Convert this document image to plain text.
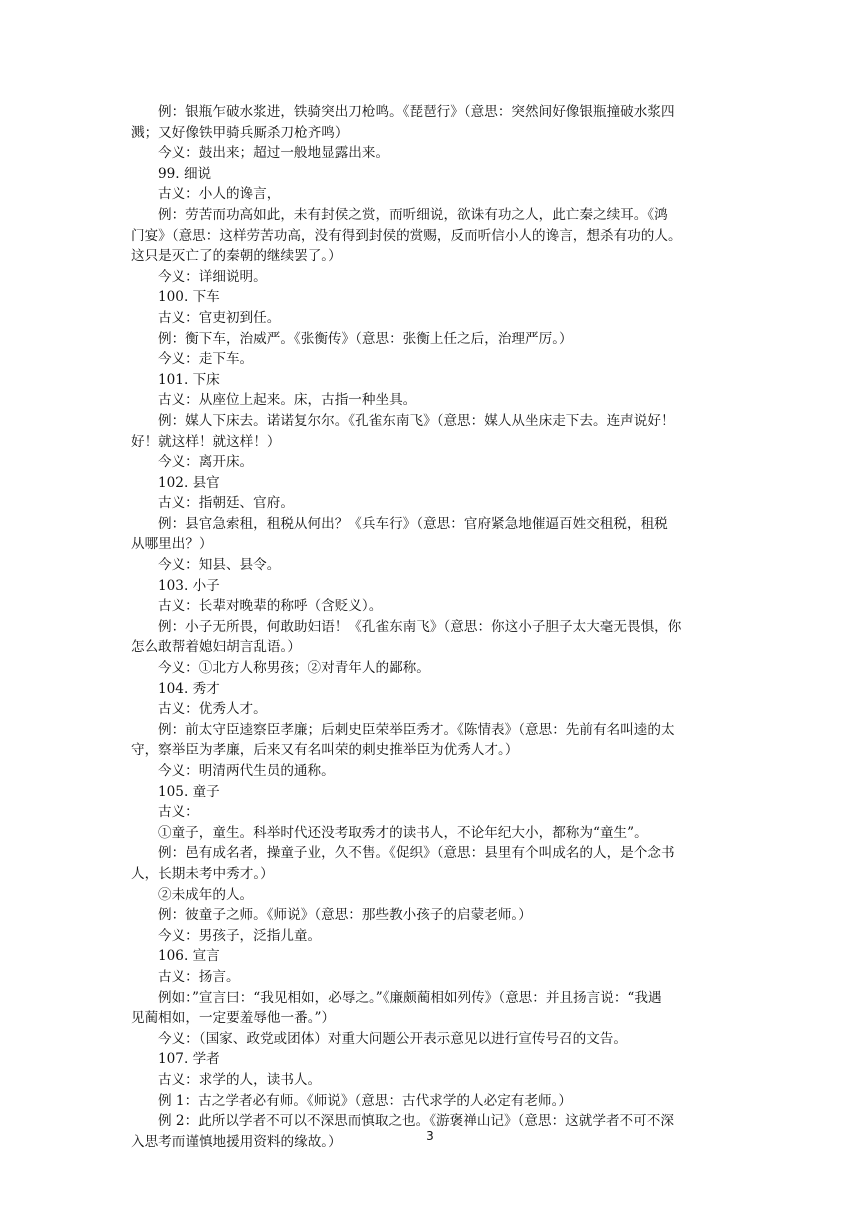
例：银瓶乍破水浆进，铁骑突出刀枪鸣。《琵琶行》（意思：突然间好像银瓶撞破水浆四
溅；又好像铁甲骑兵厮杀刀枪齐鸣）
今义：鼓出来；超过一般地显露出来。
99. 细说
古义：小人的谗言，
例：劳苦而功高如此，未有封侯之赏，而听细说，欲诛有功之人，此亡秦之续耳。《鸿
门宴》（意思：这样劳苦功高，没有得到封侯的赏赐，反而听信小人的谗言，想杀有功的人。
这只是灭亡了的秦朝的继续罢了。）
今义：详细说明。
100. 下车
古义：官吏初到任。
例：衡下车，治威严。《张衡传》（意思：张衡上任之后，治理严厉。）
今义：走下车。
101. 下床
古义：从座位上起来。床，古指一种坐具。
例：媒人下床去。诺诺复尔尔。《孔雀东南飞》（意思：媒人从坐床走下去。连声说好！
好！就这样！就这样！）
今义：离开床。
102. 县官
古义：指朝廷、官府。
例：县官急索租，租税从何出？《兵车行》（意思：官府紧急地催逼百姓交租税，租税
从哪里出？）
今义：知县、县令。
103. 小子
古义：长辈对晚辈的称呼（含贬义）。
例：小子无所畏，何敢助妇语！《孔雀东南飞》（意思：你这小子胆子太大毫无畏惧，你
怎么敢帮着媳妇胡言乱语。）
今义：①北方人称男孩；②对青年人的鄙称。
104. 秀才
古义：优秀人才。
例：前太守臣逵察臣孝廉；后刺史臣荣举臣秀才。《陈情表》（意思：先前有名叫逵的太
守，察举臣为孝廉，后来又有名叫荣的刺史推举臣为优秀人才。）
今义：明清两代生员的通称。
105. 童子
古义：
①童子，童生。科举时代还没考取秀才的读书人，不论年纪大小，都称为“童生”。
例：邑有成名者，操童子业，久不售。《促织》（意思：县里有个叫成名的人，是个念书
人，长期未考中秀才。）
②未成年的人。
例：彼童子之师。《师说》（意思：那些教小孩子的启蒙老师。）
今义：男孩子，泛指儿童。
106. 宣言
古义：扬言。
例如：”宣言曰：“我见相如，必辱之。”《廉颇蔺相如列传》（意思：并且扬言说：“我遇
见蔺相如，一定要羞辱他一番。”）
今义：（国家、政党或团体）对重大问题公开表示意见以进行宣传号召的文告。
107. 学者
古义：求学的人，读书人。
例 1：古之学者必有师。《师说》（意思：古代求学的人必定有老师。）
例 2：此所以学者不可以不深思而慎取之也。《游褒禅山记》（意思：这就学者不可不深
入思考而谨慎地援用资料的缘故。）	3
